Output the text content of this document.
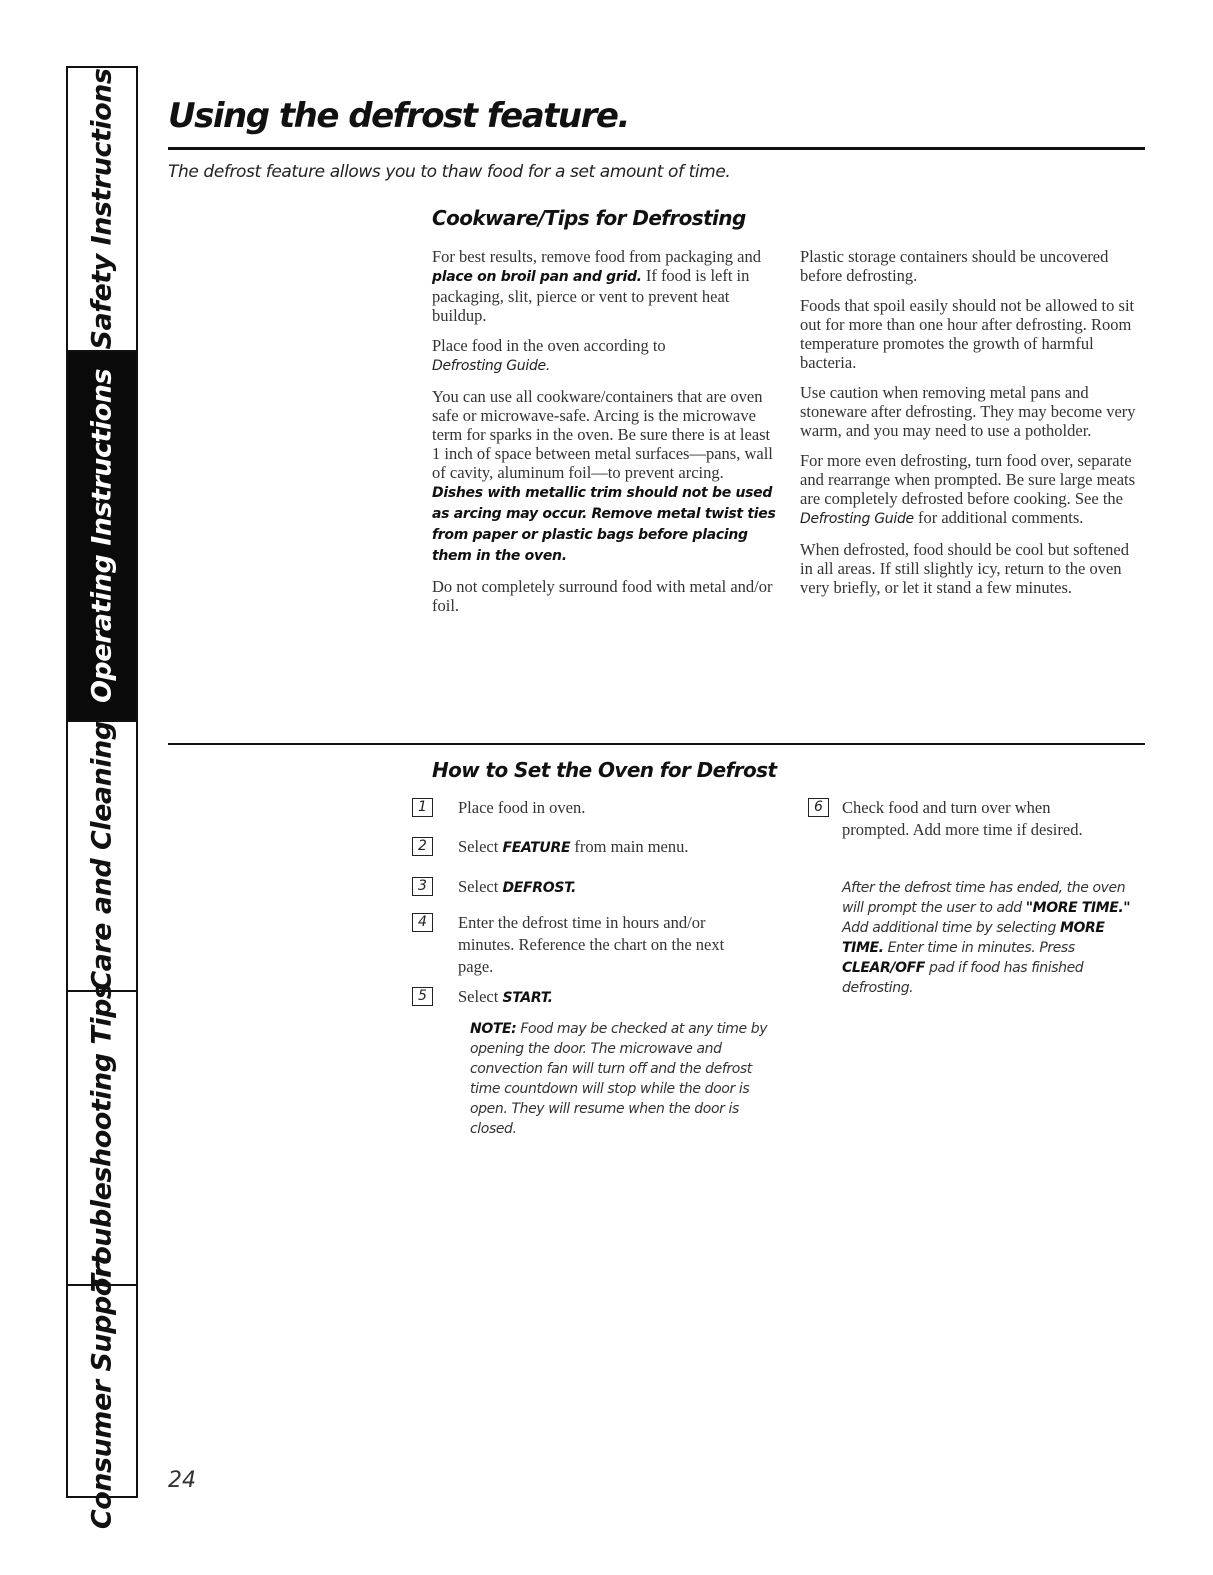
Safety Instructions
Operating Instructions
Care and Cleaning
Troubleshooting Tips
Consumer Support
Using the defrost feature.
The defrost feature allows you to thaw food for a set amount of time.
Cookware/Tips for Defrosting

For best results, remove food from packaging and place on broil pan and grid. If food is left in packaging, slit, pierce or vent to prevent heat buildup.

Place food in the oven according to
Defrosting Guide.

You can use all cookware/containers that are oven safe or microwave-safe. Arcing is the microwave term for sparks in the oven. Be sure there is at least 1 inch of space between metal surfaces—pans, wall of cavity, aluminum foil—to prevent arcing. Dishes with metallic trim should not be used as arcing may occur. Remove metal twist ties from paper or plastic bags before placing them in the oven.

Do not completely surround food with metal and/or foil.

Plastic storage containers should be uncovered before defrosting.

Foods that spoil easily should not be allowed to sit out for more than one hour after defrosting. Room temperature promotes the growth of harmful bacteria.

Use caution when removing metal pans and stoneware after defrosting. They may become very warm, and you may need to use a potholder.

For more even defrosting, turn food over, separate and rearrange when prompted. Be sure large meats are completely defrosted before cooking. See the Defrosting Guide for additional comments.

When defrosted, food should be cool but softened in all areas. If still slightly icy, return to the oven very briefly, or let it stand a few minutes.

How to Set the Oven for Defrost
1	Place food in oven.
2	Select FEATURE from main menu.
3	Select DEFROST.
4	Enter the defrost time in hours and/or minutes. Reference the chart on the next page.
5	Select START.
NOTE: Food may be checked at any time by opening the door. The microwave and convection fan will turn off and the defrost time countdown will stop while the door is open. They will resume when the door is closed.
6	Check food and turn over when prompted. Add more time if desired.
After the defrost time has ended, the oven will prompt the user to add "MORE TIME." Add additional time by selecting MORE TIME. Enter time in minutes. Press CLEAR/OFF pad if food has finished defrosting.
24
